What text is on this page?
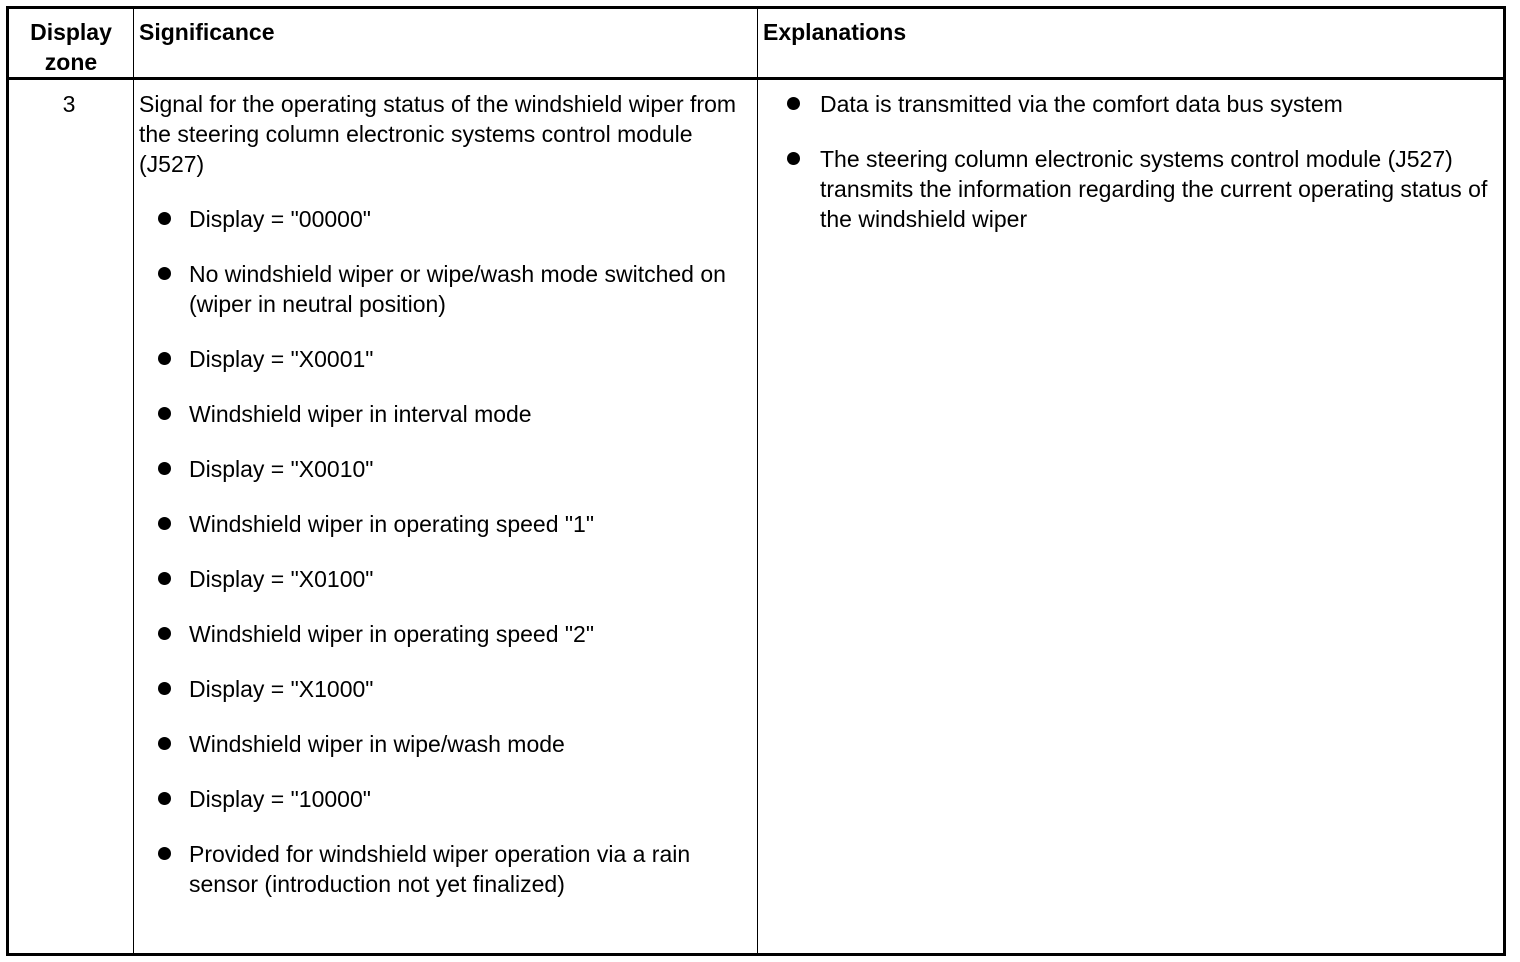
Display zone
Significance	Explanations
3	Signal for the operating status of the windshield wiper from the steering column electronic systems control module (J527)

Display = "00000"
No windshield wiper or wipe/wash mode switched on (wiper in neutral position)
Display = "X0001"
Windshield wiper in interval mode
Display = "X0010"
Windshield wiper in operating speed "1"
Display = "X0100"
Windshield wiper in operating speed "2"
Display = "X1000"
Windshield wiper in wipe/wash mode
Display = "10000"
Provided for windshield wiper operation via a rain sensor (introduction not yet finalized)
Data is transmitted via the comfort data bus system
The steering column electronic systems control module (J527) transmits the information regarding the current operating status of the windshield wiper
